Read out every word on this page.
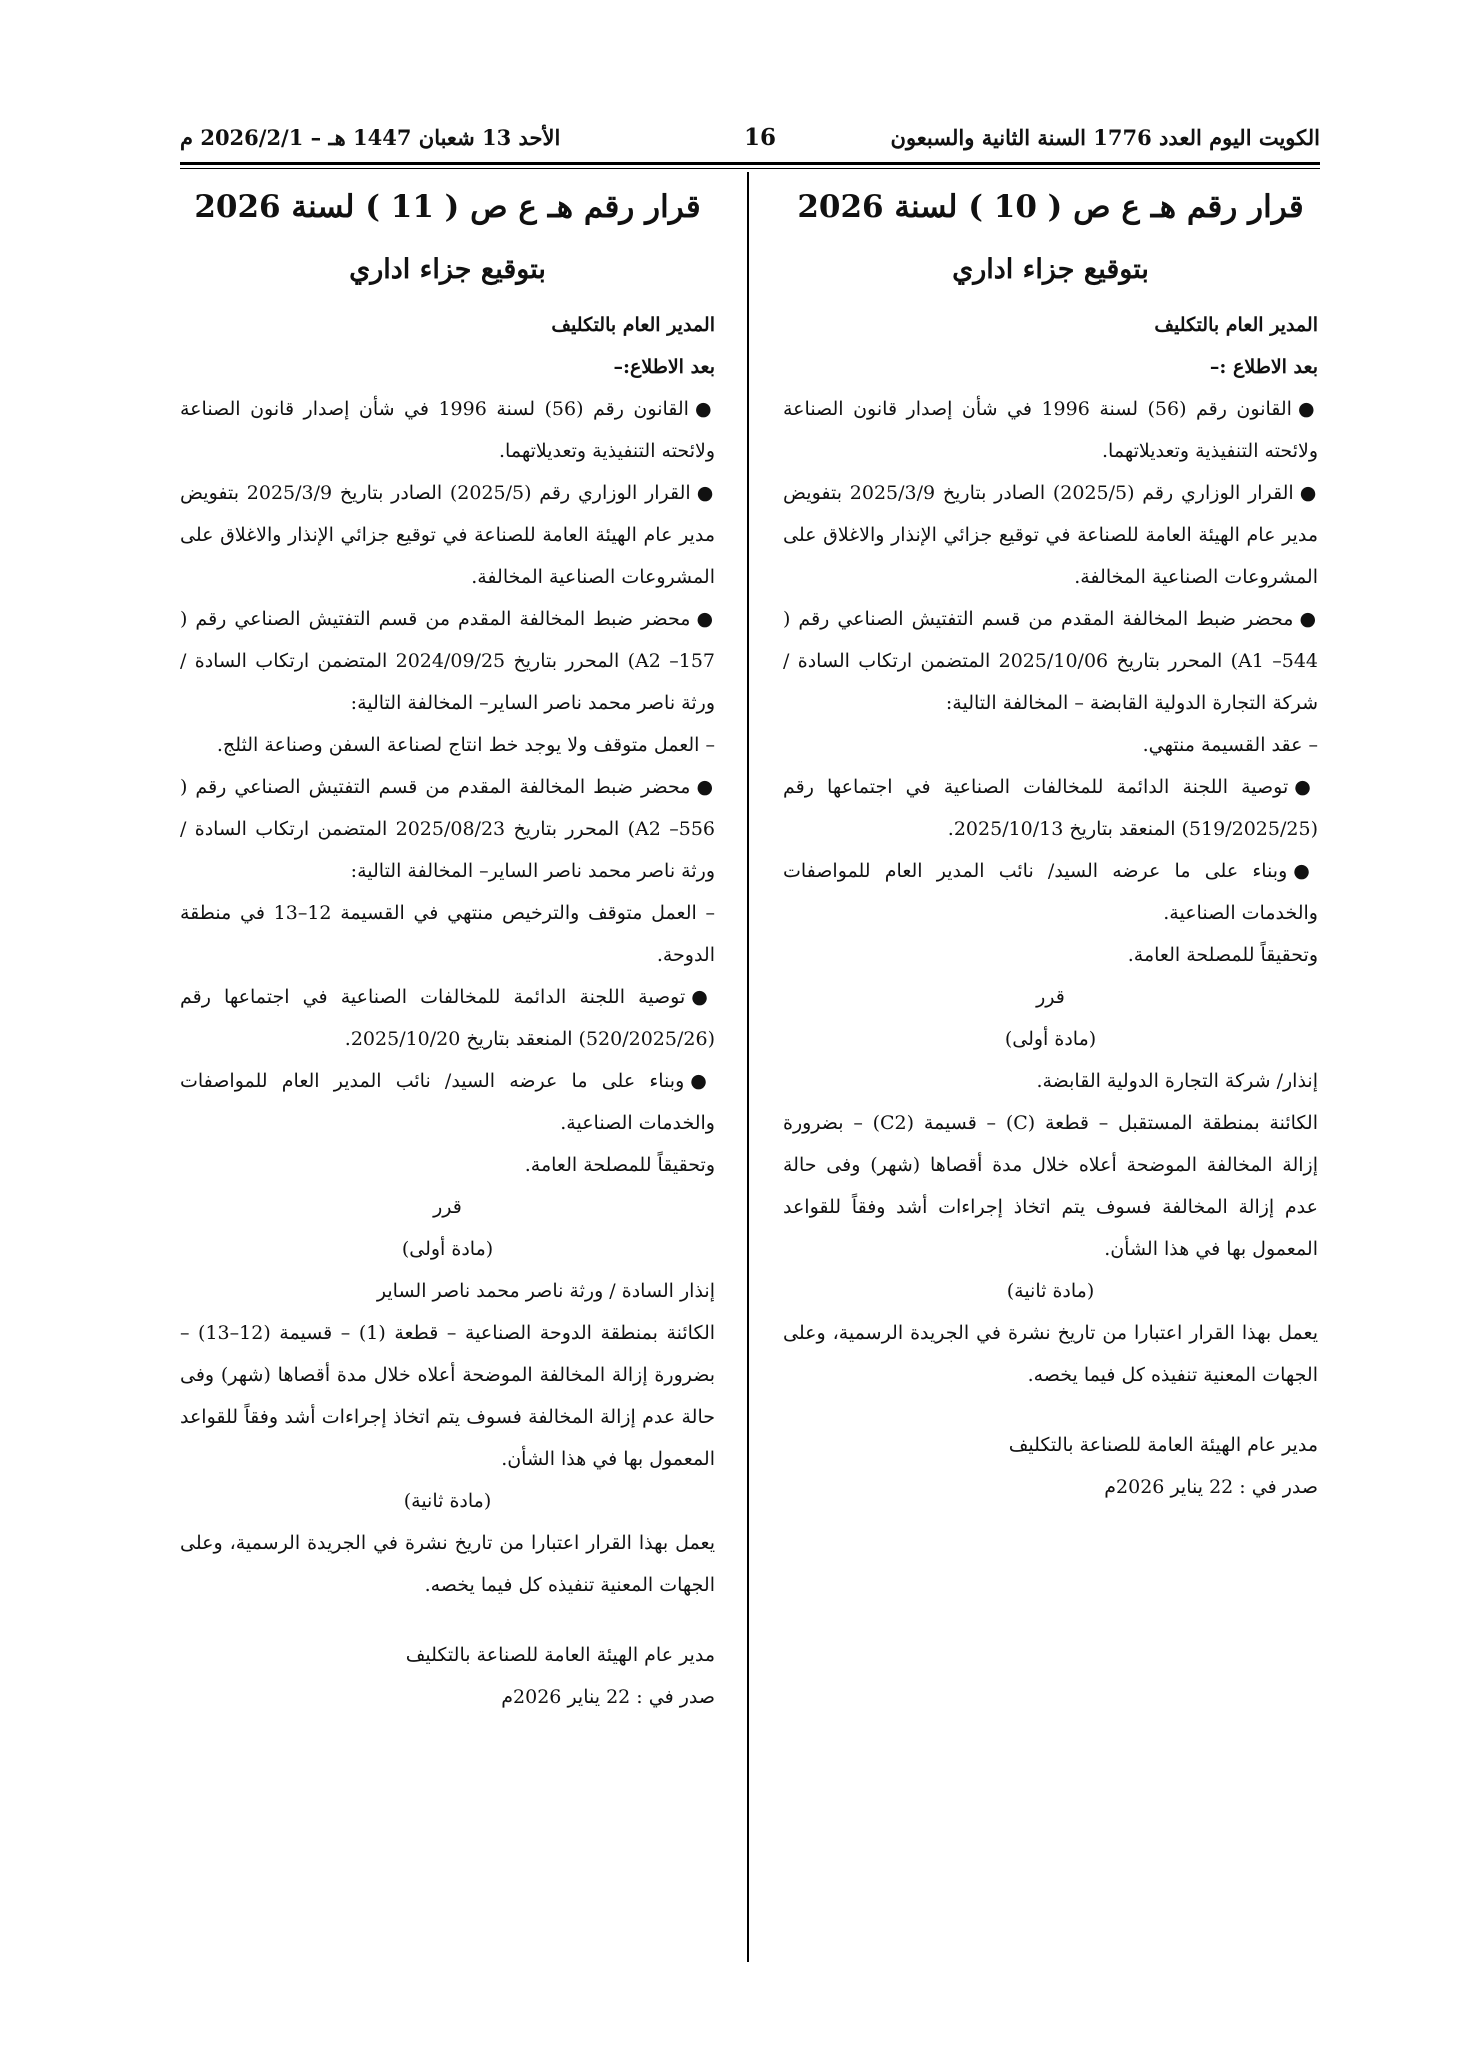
الكويت اليوم العدد 1776 السنة الثانية والسبعون
16
الأحد 13 شعبان 1447 هـ – 2026/2/1 م
قرار رقم هـ ع ص ( 10 ) لسنة 2026
بتوقيع جزاء اداري

المدير العام بالتكليف

بعد الاطلاع :–

●القانون رقم (56) لسنة 1996 في شأن إصدار قانون الصناعة ولائحته التنفيذية وتعديلاتهما.

●القرار الوزاري رقم (2025/5) الصادر بتاريخ 2025/3/9 بتفويض مدير عام الهيئة العامة للصناعة في توقيع جزائي الإنذار والاغلاق على المشروعات الصناعية المخالفة.

●محضر ضبط المخالفة المقدم من قسم التفتيش الصناعي رقم ( A1 –544) المحرر بتاريخ 2025/10/06 المتضمن ارتكاب السادة / شركة التجارة الدولية القابضة – المخالفة التالية:

– عقد القسيمة منتهي.

●توصية اللجنة الدائمة للمخالفات الصناعية في اجتماعها رقم (519/2025/25) المنعقد بتاريخ 2025/10/13.

●وبناء على ما عرضه السيد/ نائب المدير العام للمواصفات والخدمات الصناعية.

وتحقيقاً للمصلحة العامة.

قرر

(مادة أولى)

إنذار/ شركة التجارة الدولية القابضة.

الكائنة بمنطقة المستقبل – قطعة (C) – قسيمة (C2) – بضرورة إزالة المخالفة الموضحة أعلاه خلال مدة أقصاها (شهر) وفى حالة عدم إزالة المخالفة فسوف يتم اتخاذ إجراءات أشد وفقاً للقواعد المعمول بها في هذا الشأن.

(مادة ثانية)

يعمل بهذا القرار اعتبارا من تاريخ نشرة في الجريدة الرسمية، وعلى الجهات المعنية تنفيذه كل فيما يخصه.

مدير عام الهيئة العامة للصناعة بالتكليف

صدر في : 22 يناير 2026م

قرار رقم هـ ع ص ( 11 ) لسنة 2026
بتوقيع جزاء اداري

المدير العام بالتكليف

بعد الاطلاع:–

●القانون رقم (56) لسنة 1996 في شأن إصدار قانون الصناعة ولائحته التنفيذية وتعديلاتهما.

●القرار الوزاري رقم (2025/5) الصادر بتاريخ 2025/3/9 بتفويض مدير عام الهيئة العامة للصناعة في توقيع جزائي الإنذار والاغلاق على المشروعات الصناعية المخالفة.

●محضر ضبط المخالفة المقدم من قسم التفتيش الصناعي رقم ( A2 –157) المحرر بتاريخ 2024/09/25 المتضمن ارتكاب السادة / ورثة ناصر محمد ناصر الساير– المخالفة التالية:

– العمل متوقف ولا يوجد خط انتاج لصناعة السفن وصناعة الثلج.

●محضر ضبط المخالفة المقدم من قسم التفتيش الصناعي رقم ( A2 –556) المحرر بتاريخ 2025/08/23 المتضمن ارتكاب السادة / ورثة ناصر محمد ناصر الساير– المخالفة التالية:

– العمل متوقف والترخيص منتهي في القسيمة 12–13 في منطقة الدوحة.

●توصية اللجنة الدائمة للمخالفات الصناعية في اجتماعها رقم (520/2025/26) المنعقد بتاريخ 2025/10/20.

●وبناء على ما عرضه السيد/ نائب المدير العام للمواصفات والخدمات الصناعية.

وتحقيقاً للمصلحة العامة.

قرر

(مادة أولى)

إنذار السادة / ورثة ناصر محمد ناصر الساير

الكائنة بمنطقة الدوحة الصناعية – قطعة (1) – قسيمة (12–13) – بضرورة إزالة المخالفة الموضحة أعلاه خلال مدة أقصاها (شهر) وفى حالة عدم إزالة المخالفة فسوف يتم اتخاذ إجراءات أشد وفقاً للقواعد المعمول بها في هذا الشأن.

(مادة ثانية)

يعمل بهذا القرار اعتبارا من تاريخ نشرة في الجريدة الرسمية، وعلى الجهات المعنية تنفيذه كل فيما يخصه.

مدير عام الهيئة العامة للصناعة بالتكليف

صدر في : 22 يناير 2026م
